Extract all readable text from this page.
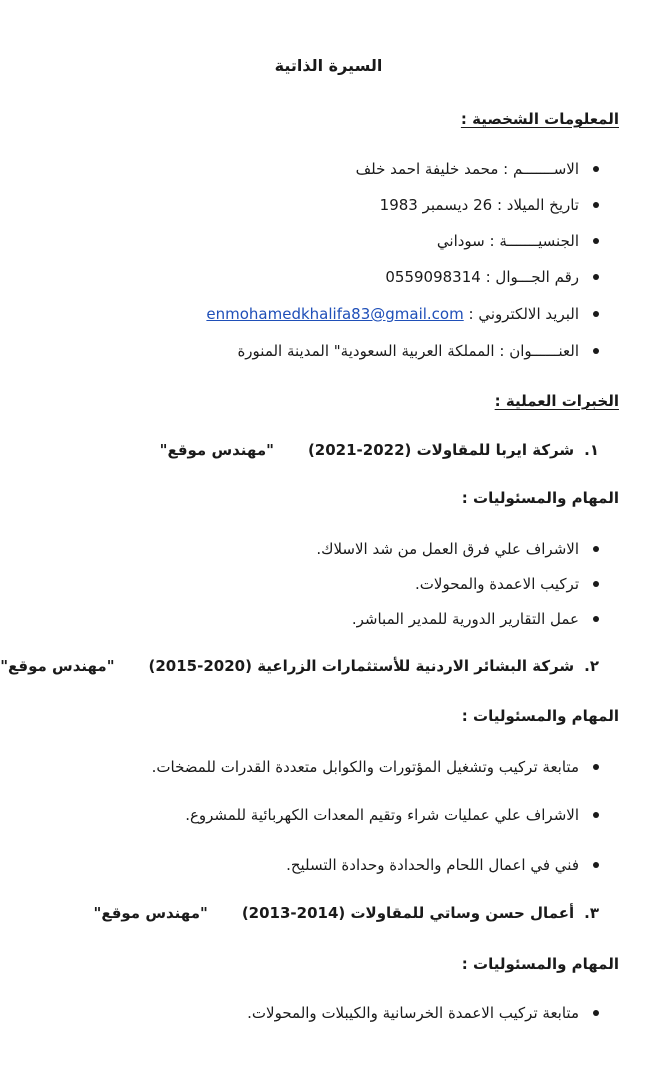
السيرة الذاتية
المعلومات الشخصية :
الاســـــــم :

محمد خليفة احمد خلف
تاريخ الميلاد :

26 ديسمبر 1983
الجنسيـــــــة :

سوداني
رقم الجـــوال :

0559098314
البريد الالكتروني :

enmohamedkhalifa83@gmail.com
العنــــــوان :

المملكة العربية السعودية" المدينة المنورة
الخبرات العملية :
١.
شركة ايربا للمقاولات

(2021-2022)
"مهندس موقع"
المهام والمسئوليات :
الاشراف علي فرق العمل من شد الاسلاك.
تركيب الاعمدة والمحولات.
عمل التقارير الدورية للمدير المباشر.
٢.
شركة البشائر الاردنية للأستثمارات الزراعية

(2015-2020)
"مهندس موقع"
المهام والمسئوليات :
متابعة تركيب وتشغيل المؤتورات والكوابل متعددة القدرات للمضخات.
الاشراف علي عمليات شراء وتقيم المعدات الكهربائية للمشروع.
فني في اعمال اللحام والحدادة وحدادة التسليح.
٣.
أعمال حسن وساتي للمقاولات

(2013-2014)
"مهندس موقع"
المهام والمسئوليات :
متابعة تركيب الاعمدة الخرسانية والكيبلات والمحولات.
